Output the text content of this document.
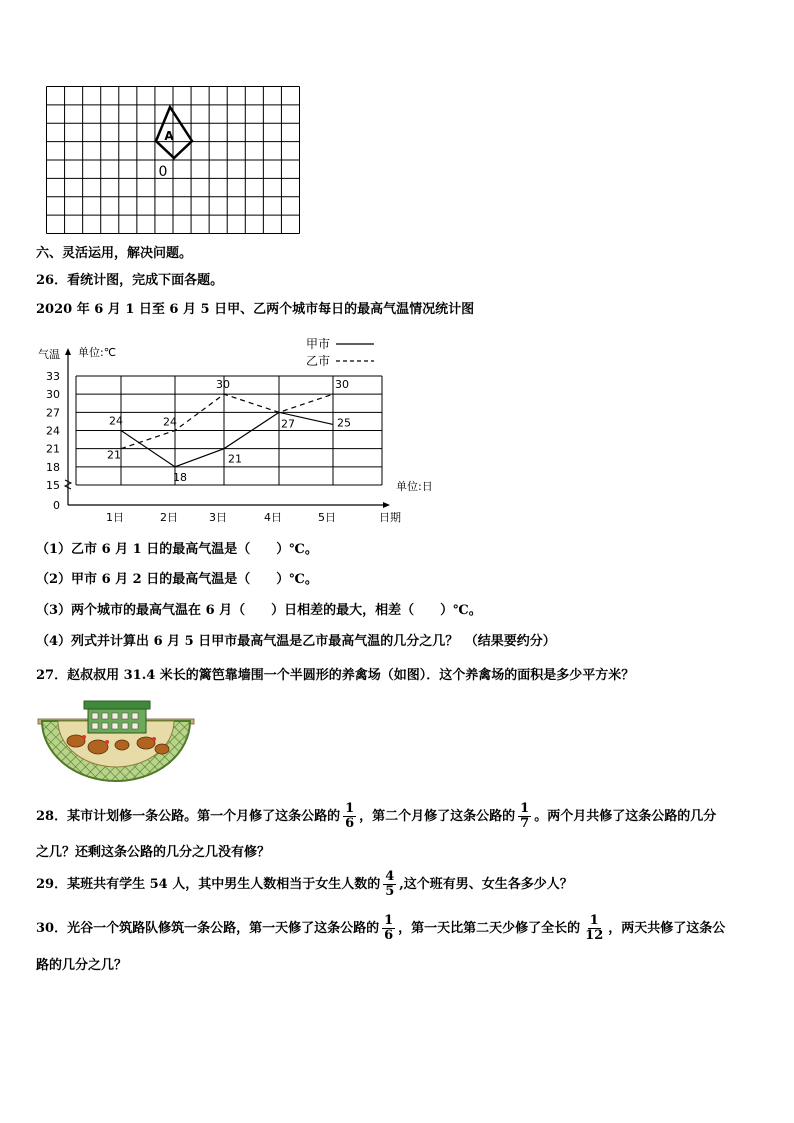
A
0
六、灵活运用，解决问题。
26．看统计图，完成下面各题。
2020 年 6 月 1 日至 6 月 5 日甲、乙两个城市每日的最高气温情况统计图
0
15
18
21
24
27
30
33
1日	2日	3日	4日	5日	日期
单位:日
气温 单位:℃
24
21
24
18
30
21
27
30
25
甲市
乙市
（1）乙市 6 月 1 日的最高气温是（　　）℃。
（2）甲市 6 月 2 日的最高气温是（　　）℃。
（3）两个城市的最高气温在 6 月（　　）日相差的最大，相差（　　）℃。
（4）列式并计算出 6 月 5 日甲市最高气温是乙市最高气温的几分之几？　（结果要约分）
27．赵叔叔用 31.4 米长的篱笆靠墙围一个半圆形的养禽场（如图）．这个养禽场的面积是多少平方米？
28．某市计划修一条公路。第一个月修了这条公路的 $\frac{1}{6}$ ，第二个月修了这条公路的 $\frac{1}{7}$ 。两个月共修了这条公路的几分
之几？还剩这条公路的几分之几没有修？
29．某班共有学生 54 人，其中男生人数相当于女生人数的 $\frac{4}{5}$ ,这个班有男、女生各多少人？
30．光谷一个筑路队修筑一条公路，第一天修了这条公路的 $\frac{1}{6}$ ，第一天比第二天少修了全长的 $\frac{1}{12}$ ，两天共修了这条公
路的几分之几？
